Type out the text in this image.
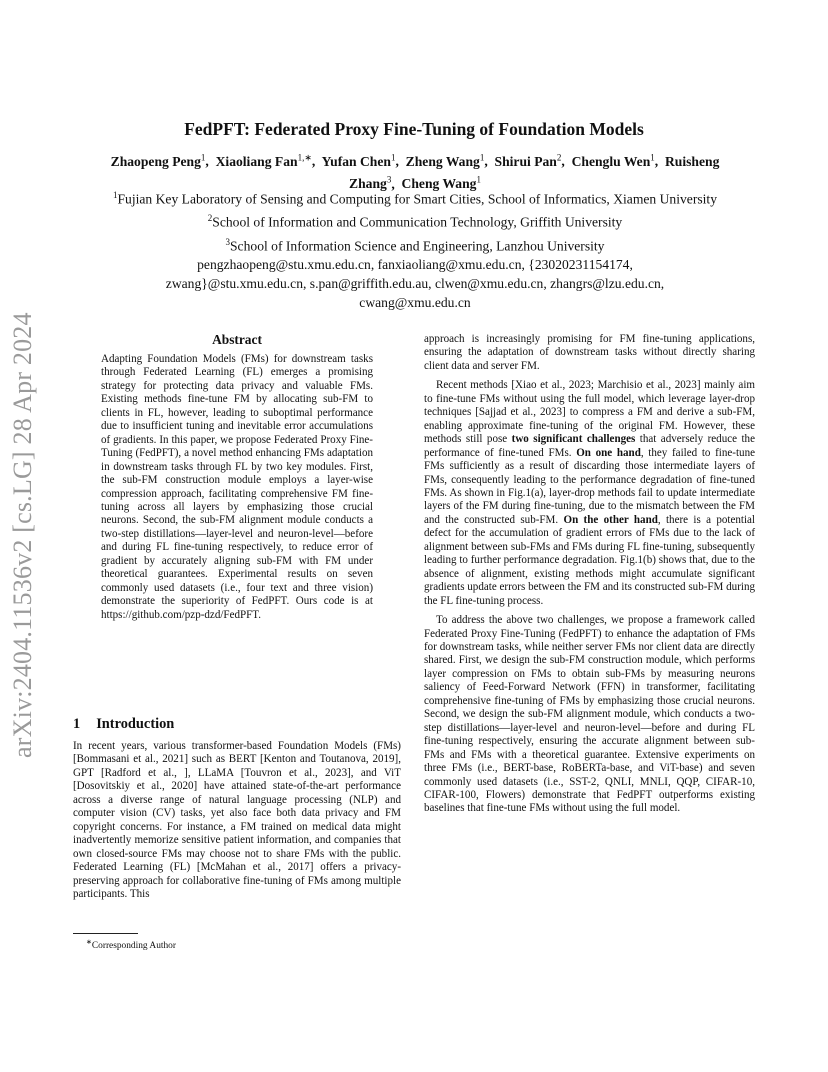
arXiv:2404.11536v2 [cs.LG] 28 Apr 2024
FedPFT: Federated Proxy Fine-Tuning of Foundation Models
Zhaopeng Peng$^1$,  Xiaoliang Fan$^{1,∗}$,  Yufan Chen$^1$,  Zheng Wang$^1$,  Shirui Pan$^2$,  Chenglu Wen$^1$,  Ruisheng Zhang$^3$,  Cheng Wang$^1$
$^1$Fujian Key Laboratory of Sensing and Computing for Smart Cities, School of Informatics, Xiamen University
$^2$School of Information and Communication Technology, Griffith University
$^3$School of Information Science and Engineering, Lanzhou University
pengzhaopeng@stu.xmu.edu.cn, fanxiaoliang@xmu.edu.cn, {23020231154174,
zwang}@stu.xmu.edu.cn, s.pan@griffith.edu.au, clwen@xmu.edu.cn, zhangrs@lzu.edu.cn,
cwang@xmu.edu.cn
Abstract
Adapting Foundation Models (FMs) for downstream tasks through Federated Learning (FL) emerges a promising strategy for protecting data privacy and valuable FMs. Existing methods fine-tune FM by allocating sub-FM to clients in FL, however, leading to suboptimal performance due to insufficient tuning and inevitable error accumulations of gradients. In this paper, we propose Federated Proxy Fine-Tuning (FedPFT), a novel method enhancing FMs adaptation in downstream tasks through FL by two key modules. First, the sub-FM construction module employs a layer-wise compression approach, facilitating comprehensive FM fine-tuning across all layers by emphasizing those crucial neurons. Second, the sub-FM alignment module conducts a two-step distillations—layer-level and neuron-level—before and during FL fine-tuning respectively, to reduce error of gradient by accurately aligning sub-FM with FM under theoretical guarantees. Experimental results on seven commonly used datasets (i.e., four text and three vision) demonstrate the superiority of FedPFT. Ours code is at https://github.com/pzp-dzd/FedPFT.
1 Introduction

In recent years, various transformer-based Foundation Models (FMs) [Bommasani et al., 2021] such as BERT [Kenton and Toutanova, 2019], GPT [Radford et al., ], LLaMA [Touvron et al., 2023], and ViT [Dosovitskiy et al., 2020] have attained state-of-the-art performance across a diverse range of natural language processing (NLP) and computer vision (CV) tasks, yet also face both data privacy and FM copyright concerns. For instance, a FM trained on medical data might inadvertently memorize sensitive patient information, and companies that own closed-source FMs may choose not to share FMs with the public. Federated Learning (FL) [McMahan et al., 2017] offers a privacy-preserving approach for collaborative fine-tuning of FMs among multiple participants. This

∗Corresponding Author

approach is increasingly promising for FM fine-tuning applications, ensuring the adaptation of downstream tasks without directly sharing client data and server FM.

Recent methods [Xiao et al., 2023; Marchisio et al., 2023] mainly aim to fine-tune FMs without using the full model, which leverage layer-drop techniques [Sajjad et al., 2023] to compress a FM and derive a sub-FM, enabling approximate fine-tuning of the original FM. However, these methods still pose two significant challenges that adversely reduce the performance of fine-tuned FMs. On one hand, they failed to fine-tune FMs sufficiently as a result of discarding those intermediate layers of FMs, consequently leading to the performance degradation of fine-tuned FMs. As shown in Fig.1(a), layer-drop methods fail to update intermediate layers of the FM during fine-tuning, due to the mismatch between the FM and the constructed sub-FM. On the other hand, there is a potential defect for the accumulation of gradient errors of FMs due to the lack of alignment between sub-FMs and FMs during FL fine-tuning, subsequently leading to further performance degradation. Fig.1(b) shows that, due to the absence of alignment, existing methods might accumulate significant gradients update errors between the FM and its constructed sub-FM during the FL fine-tuning process.

To address the above two challenges, we propose a framework called Federated Proxy Fine-Tuning (FedPFT) to enhance the adaptation of FMs for downstream tasks, while neither server FMs nor client data are directly shared. First, we design the sub-FM construction module, which performs layer compression on FMs to obtain sub-FMs by measuring neurons saliency of Feed-Forward Network (FFN) in transformer, facilitating comprehensive fine-tuning of FMs by emphasizing those crucial neurons. Second, we design the sub-FM alignment module, which conducts a two-step distillations—layer-level and neuron-level—before and during FL fine-tuning respectively, ensuring the accurate alignment between sub-FMs and FMs with a theoretical guarantee. Extensive experiments on three FMs (i.e., BERT-base, RoBERTa-base, and ViT-base) and seven commonly used datasets (i.e., SST-2, QNLI, MNLI, QQP, CIFAR-10, CIFAR-100, Flowers) demonstrate that FedPFT outperforms existing baselines that fine-tune FMs without using the full model.
